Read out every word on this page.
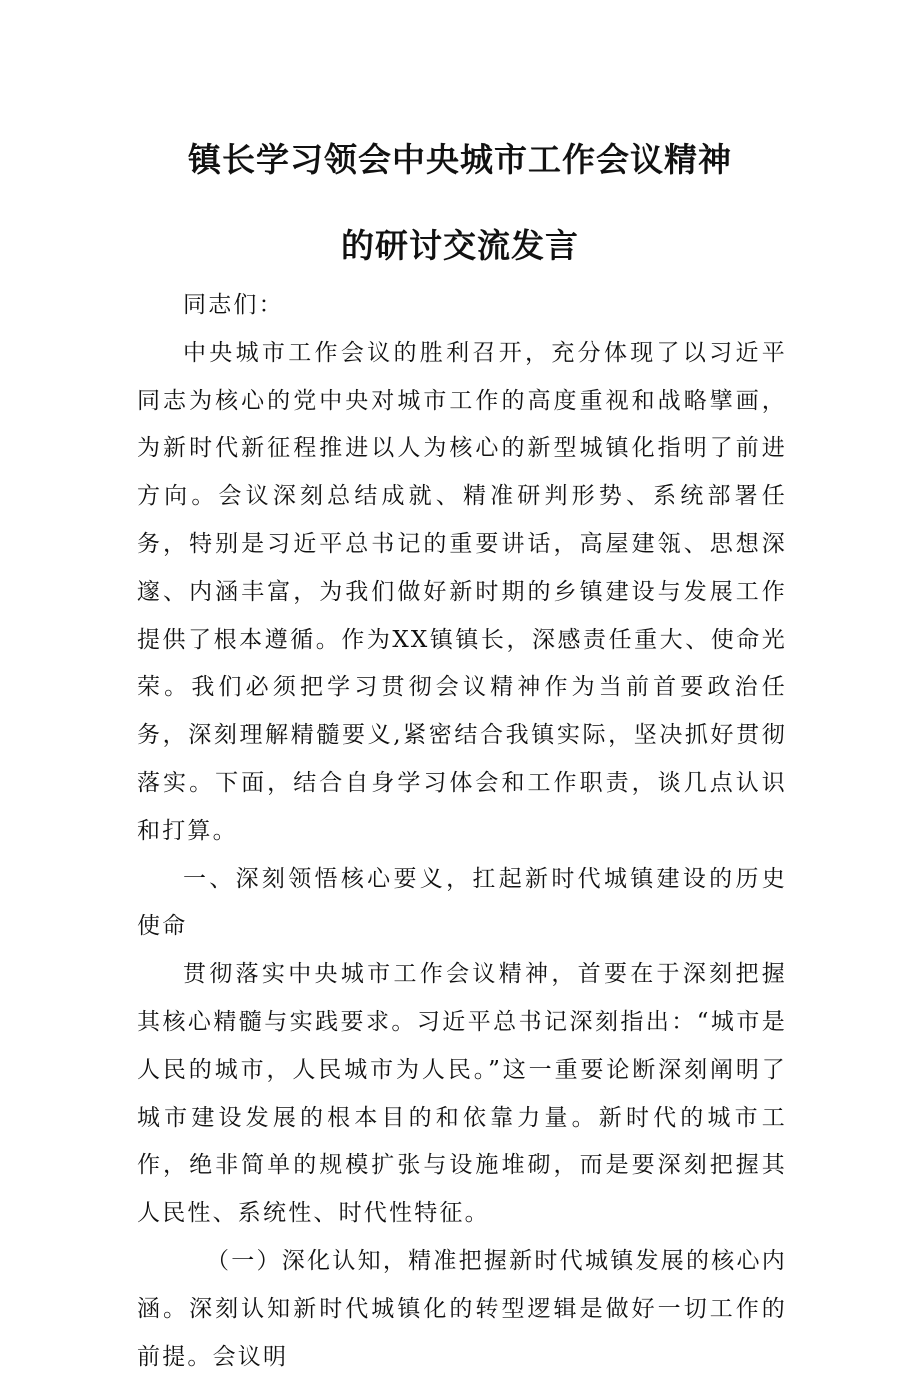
镇长学习领会中央城市工作会议精神
的研讨交流发言

同志们：

中央城市工作会议的胜利召开，充分体现了以习近平同志为核心的党中央对城市工作的高度重视和战略擘画，为新时代新征程推进以人为核心的新型城镇化指明了前进方向。会议深刻总结成就、精准研判形势、系统部署任务，特别是习近平总书记的重要讲话，高屋建瓴、思想深邃、内涵丰富，为我们做好新时期的乡镇建设与发展工作提供了根本遵循。作为XX镇镇长，深感责任重大、使命光荣。我们必须把学习贯彻会议精神作为当前首要政治任务，深刻理解精髓要义,紧密结合我镇实际，坚决抓好贯彻落实。下面，结合自身学习体会和工作职责，谈几点认识和打算。

一、深刻领悟核心要义，扛起新时代城镇建设的历史使命

贯彻落实中央城市工作会议精神，首要在于深刻把握其核心精髓与实践要求。习近平总书记深刻指出：“城市是人民的城市，人民城市为人民。”这一重要论断深刻阐明了城市建设发展的根本目的和依靠力量。新时代的城市工作，绝非简单的规模扩张与设施堆砌，而是要深刻把握其人民性、系统性、时代性特征。

（一）深化认知，精准把握新时代城镇发展的核心内涵。深刻认知新时代城镇化的转型逻辑是做好一切工作的前提。会议明
